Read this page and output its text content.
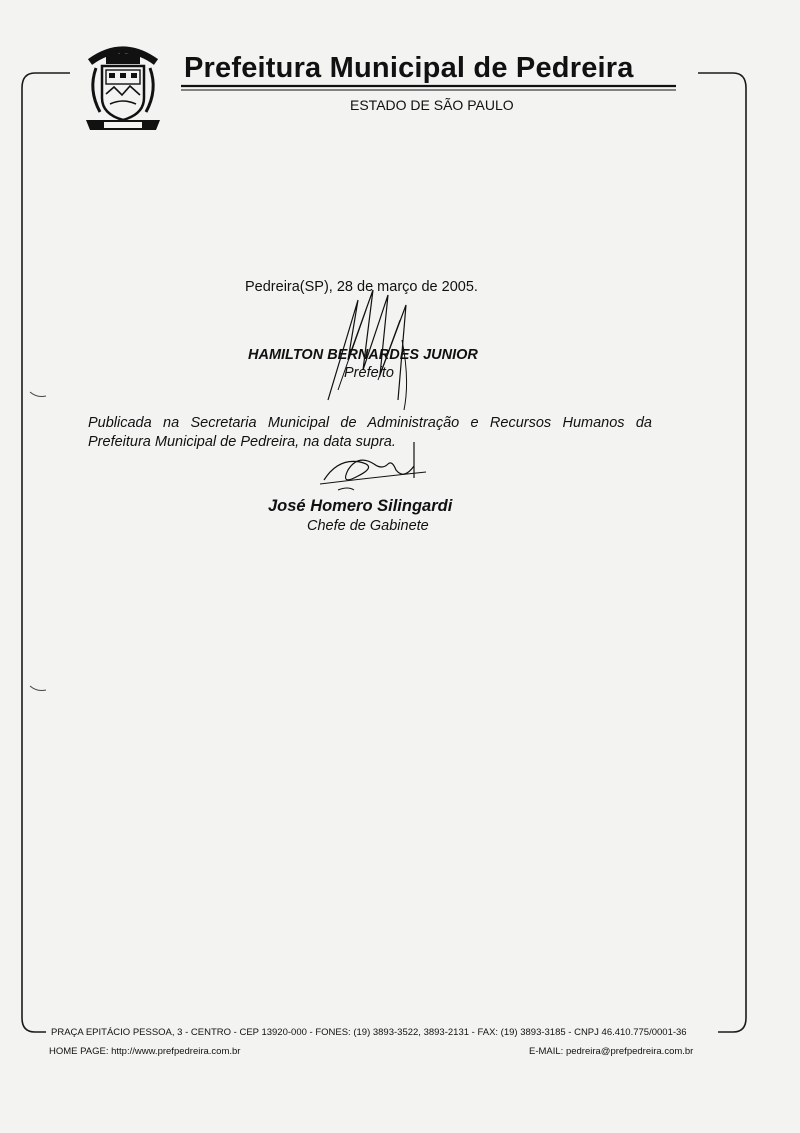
Prefeitura Municipal de Pedreira
ESTADO DE SÃO PAULO
Pedreira(SP), 28 de março de 2005.
HAMILTON BERNARDES JUNIOR
Prefeito
Publicada na Secretaria Municipal de Administração e Recursos Humanos da Prefeitura Municipal de Pedreira, na data supra.
José Homero Silingardi
Chefe de Gabinete
PRAÇA EPITÁCIO PESSOA, 3 - CENTRO - CEP 13920-000 - FONES: (19) 3893-3522, 3893-2131 - FAX: (19) 3893-3185 - CNPJ 46.410.775/0001-36
HOME PAGE: http://www.prefpedreira.com.br	E-MAIL: pedreira@prefpedreira.com.br
